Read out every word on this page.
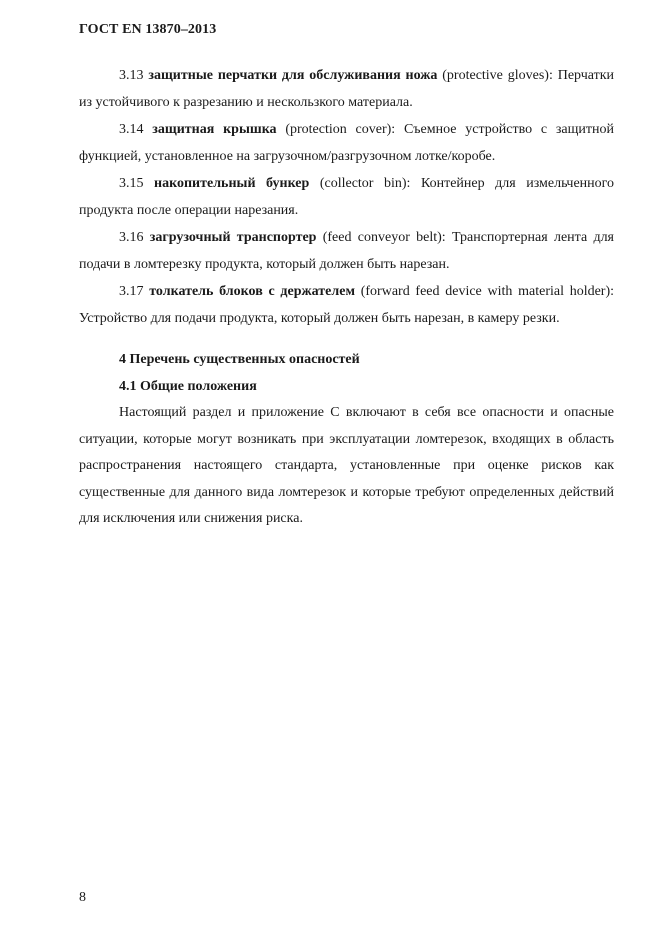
ГОСТ EN 13870–2013

3.13 защитные перчатки для обслуживания ножа (protective gloves): Перчатки из устойчивого к разрезанию и нескользкого материала.

3.14 защитная крышка (protection cover): Съемное устройство с защитной функцией, установленное на загрузочном/разгрузочном лотке/коробе.

3.15 накопительный бункер (collector bin): Контейнер для измельченного продукта после операции нарезания.

3.16 загрузочный транспортер (feed conveyor belt): Транспортерная лента для подачи в ломтерезку продукта, который должен быть нарезан.

3.17 толкатель блоков с держателем (forward feed device with material holder): Устройство для подачи продукта, который должен быть нарезан, в камеру резки.

4 Перечень существенных опасностей

4.1 Общие положения

Настоящий раздел и приложение С включают в себя все опасности и опасные ситуации, которые могут возникать при эксплуатации ломтерезок, входящих в область распространения настоящего стандарта, установленные при оценке рисков как существенные для данного вида ломтерезок и которые требуют определенных действий для исключения или снижения риска.

8
